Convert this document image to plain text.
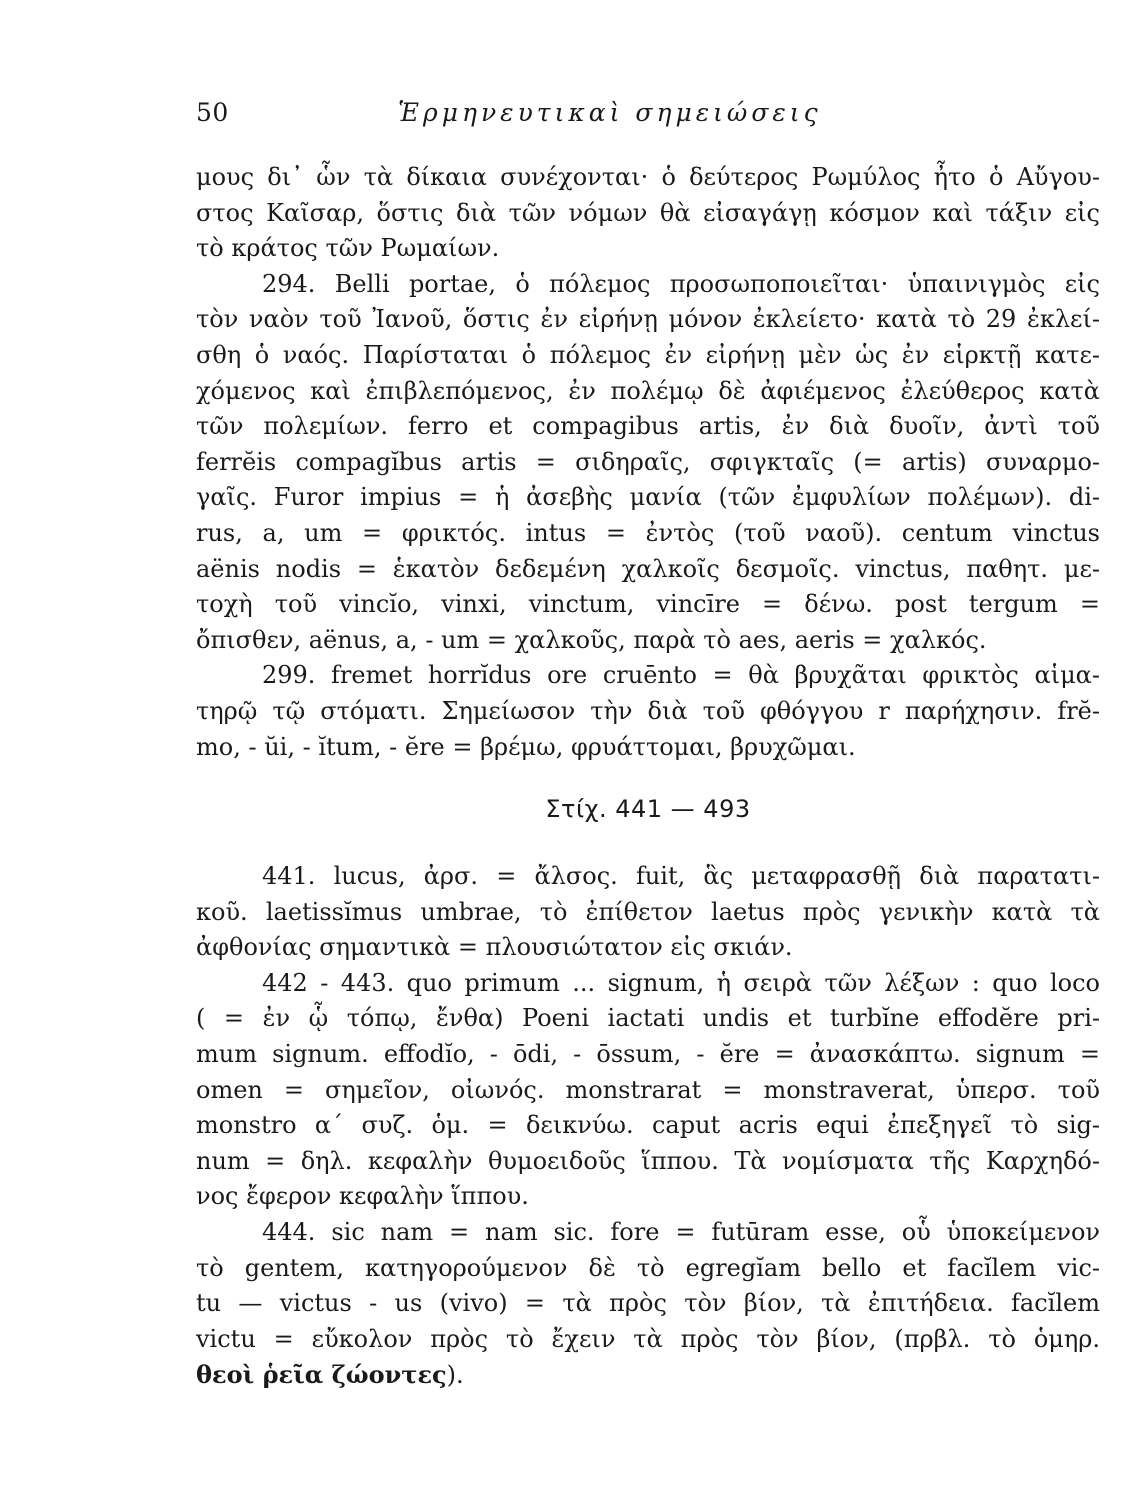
50	Ἑρμηνευτικαὶ σημειώσεις
μους δι᾽ ὧν τὰ δίκαια συνέχονται· ὁ δεύτερος Ρωμύλος ἦτο ὁ Αὔγου-
στος Καῖσαρ, ὅστις διὰ τῶν νόμων θὰ εἰσαγάγῃ κόσμον καὶ τάξιν εἰς
τὸ κράτος τῶν Ρωμαίων.
294. Belli portae, ὁ πόλεμος προσωποποιεῖται· ὑπαινιγμὸς εἰς
τὸν ναὸν τοῦ Ἰανοῦ, ὅστις ἐν εἰρήνῃ μόνον ἐκλείετο· κατὰ τὸ 29 ἐκλεί-
σθη ὁ ναός. Παρίσταται ὁ πόλεμος ἐν εἰρήνῃ μὲν ὡς ἐν εἱρκτῇ κατε-
χόμενος καὶ ἐπιβλεπόμενος, ἐν πολέμῳ δὲ ἀφιέμενος ἐλεύθερος κατὰ
τῶν πολεμίων. ferro et compagibus artis, ἐν διὰ δυοῖν, ἀντὶ τοῦ
ferrĕis compagĭbus artis = σιδηραῖς, σφιγκταῖς (= artis) συναρμο-
γαῖς. Furor impius = ἡ ἀσεβὴς μανία (τῶν ἐμφυλίων πολέμων). di-
rus, a, um = φρικτός. intus = ἐντὸς (τοῦ ναοῦ). centum vinctus
aënis nodis = ἑκατὸν δεδεμένη χαλκοῖς δεσμοῖς. vinctus, παθητ. με-
τοχὴ τοῦ vincĭo, vinxi, vinctum, vincīre = δένω. post tergum =
ὄπισθεν, aënus, a, - um = χαλκοῦς, παρὰ τὸ aes, aeris = χαλκός.
299. fremet horrĭdus ore cruēnto = θὰ βρυχᾶται φρικτὸς αἱμα-
τηρῷ τῷ στόματι. Σημείωσον τὴν διὰ τοῦ φθόγγου r παρήχησιν. frĕ-
mo, - ŭi, - ĭtum, - ĕre = βρέμω, φρυάττομαι, βρυχῶμαι.
Στίχ. 441 — 493
441. lucus, ἀρσ. = ἄλσος. fuit, ἃς μεταφρασθῇ διὰ παρατατι-
κοῦ. laetissĭmus umbrae, τὸ ἐπίθετον laetus πρὸς γενικὴν κατὰ τὰ
ἀφθονίας σημαντικὰ = πλουσιώτατον εἰς σκιάν.
442 - 443. quo primum ... signum, ἡ σειρὰ τῶν λέξων : quo loco
( = ἐν ᾧ τόπῳ, ἔνθα) Poeni iactati undis et turbĭne effodĕre pri-
mum signum. effodĭo, - ōdi, - ōssum, - ĕre = ἀνασκάπτω. signum =
omen = σημεῖον, οἰωνός. monstrarat = monstraverat, ὑπερσ. τοῦ
monstro α΄ συζ. ὁμ. = δεικνύω. caput acris equi ἐπεξηγεῖ τὸ sig-
num = δηλ. κεφαλὴν θυμοειδοῦς ἵππου. Τὰ νομίσματα τῆς Καρχηδό-
νος ἔφερον κεφαλὴν ἵππου.
444. sic nam = nam sic. fore = futūram esse, οὗ ὑποκείμενον
τὸ gentem, κατηγορούμενον δὲ τὸ egregĭam bello et facĭlem vic-
tu — victus - us (vivo) = τὰ πρὸς τὸν βίον, τὰ ἐπιτήδεια. facĭlem
victu = εὔκολον πρὸς τὸ ἔχειν τὰ πρὸς τὸν βίον, (πρβλ. τὸ ὁμηρ.
θεοὶ ῥεῖα ζώοντες).
